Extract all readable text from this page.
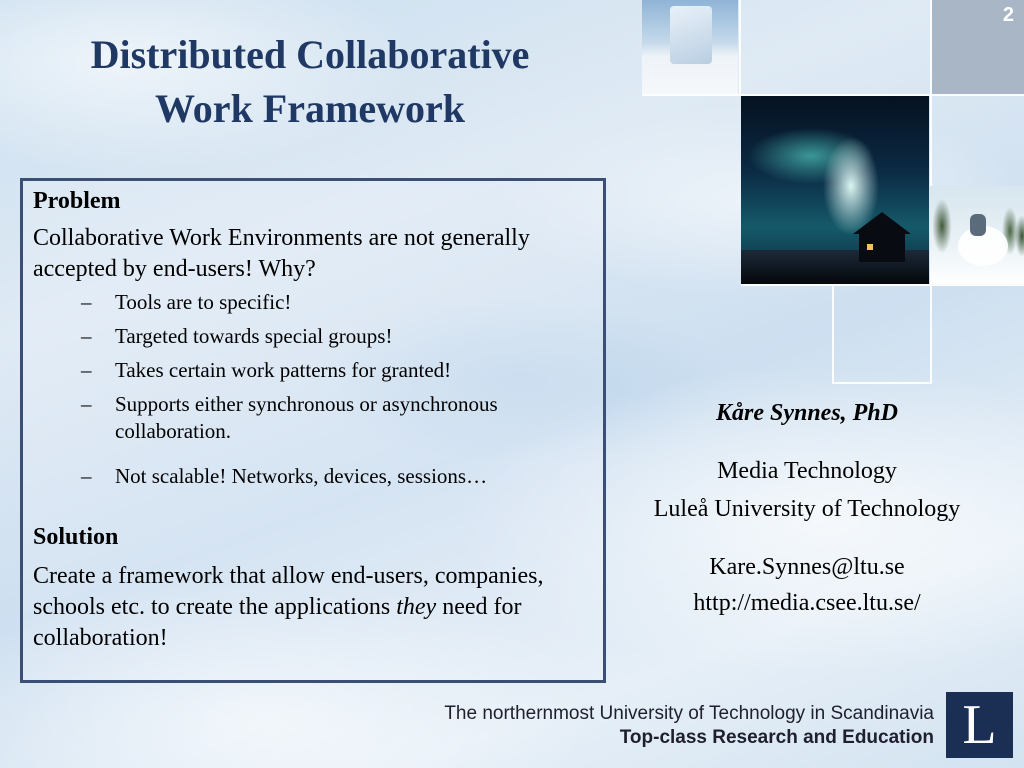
Distributed Collaborative
Work Framework
2
Problem
Collaborative Work Environments are not generally accepted by end-users! Why?
– Tools are to specific!
– Targeted towards special groups!
– Takes certain work patterns for granted!
– Supports either synchronous or asynchronous collaboration.
– Not scalable! Networks, devices, sessions…
Solution
Create a framework that allow end-users, companies, schools etc. to create the applications they need for collaboration!
Kåre Synnes, PhD
Media Technology
Luleå University of Technology
Kare.Synnes@ltu.se
http://media.csee.ltu.se/
The northernmost University of Technology in Scandinavia
Top-class Research and Education L
